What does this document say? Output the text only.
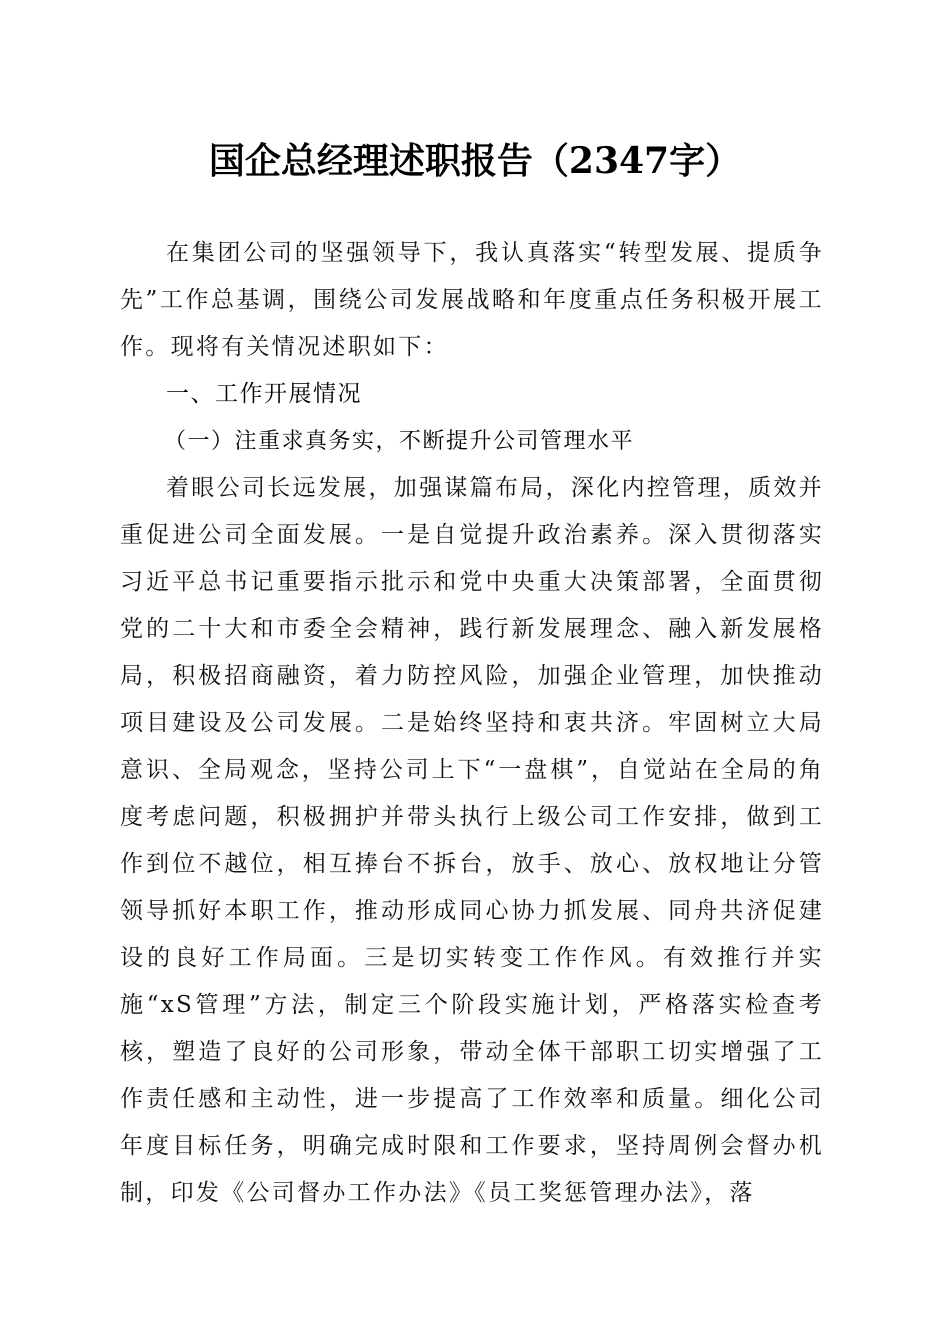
国企总经理述职报告（2347字）

在集团公司的坚强领导下，我认真落实“转型发展、提质争先”工作总基调，围绕公司发展战略和年度重点任务积极开展工作。现将有关情况述职如下：

一、工作开展情况

（一）注重求真务实，不断提升公司管理水平

着眼公司长远发展，加强谋篇布局，深化内控管理，质效并重促进公司全面发展。一是自觉提升政治素养。深入贯彻落实习近平总书记重要指示批示和党中央重大决策部署，全面贯彻党的二十大和市委全会精神，践行新发展理念、融入新发展格局，积极招商融资，着力防控风险，加强企业管理，加快推动项目建设及公司发展。二是始终坚持和衷共济。牢固树立大局意识、全局观念，坚持公司上下“一盘棋”，自觉站在全局的角度考虑问题，积极拥护并带头执行上级公司工作安排，做到工作到位不越位，相互捧台不拆台，放手、放心、放权地让分管领导抓好本职工作，推动形成同心协力抓发展、同舟共济促建设的良好工作局面。三是切实转变工作作风。有效推行并实施“xS管理”方法，制定三个阶段实施计划，严格落实检查考核，塑造了良好的公司形象，带动全体干部职工切实增强了工作责任感和主动性，进一步提高了工作效率和质量。细化公司年度目标任务，明确完成时限和工作要求，坚持周例会督办机制，印发《公司督办工作办法》《员工奖惩管理办法》，落
